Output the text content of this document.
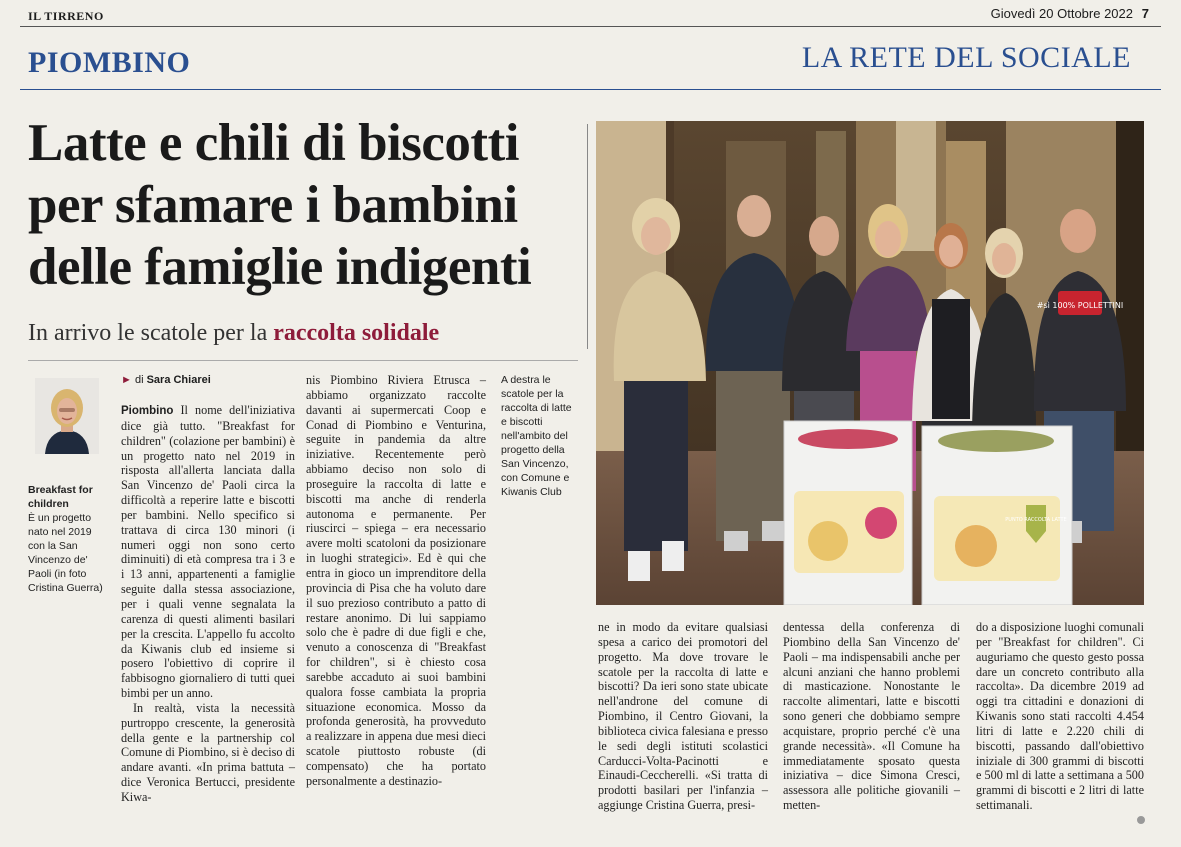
IL TIRRENO	Giovedì 20 Ottobre 2022 7
PIOMBINO	LA RETE DEL SOCIALE
Latte e chili di biscotti
per sfamare i bambini
delle famiglie indigenti
In arrivo le scatole per la raccolta solidale
Breakfast for children
È un progetto nato nel 2019 con la San Vincenzo de' Paoli (in foto Cristina Guerra)
► di Sara Chiarei

Piombino Il nome dell'iniziativa dice già tutto. "Breakfast for children" (colazione per bambini) è un progetto nato nel 2019 in risposta all'allerta lanciata dalla San Vincenzo de' Paoli circa la difficoltà a reperire latte e biscotti per bambini. Nello specifico si trattava di circa 130 minori (i numeri oggi non sono certo diminuiti) di età compresa tra i 3 e i 13 anni, appartenenti a famiglie seguite dalla stessa associazione, per i quali venne segnalata la carenza di questi alimenti basilari per la crescita. L'appello fu accolto da Kiwanis club ed insieme si posero l'obiettivo di coprire il fabbisogno giornaliero di tutti quei bimbi per un anno.

In realtà, vista la necessità purtroppo crescente, la generosità della gente e la partnership col Comune di Piombino, si è deciso di andare avanti. «In prima battuta – dice Veronica Bertucci, presidente Kiwa-

nis Piombino Riviera Etrusca – abbiamo organizzato raccolte davanti ai supermercati Coop e Conad di Piombino e Venturina, seguite in pandemia da altre iniziative. Recentemente però abbiamo deciso non solo di proseguire la raccolta di latte e biscotti ma anche di renderla autonoma e permanente. Per riuscirci – spiega – era necessario avere molti scatoloni da posizionare in luoghi strategici». Ed è qui che entra in gioco un imprenditore della provincia di Pisa che ha voluto dare il suo prezioso contributo a patto di restare anonimo. Di lui sappiamo solo che è padre di due figli e che, venuto a conoscenza di "Breakfast for children", si è chiesto cosa sarebbe accaduto ai suoi bambini qualora fosse cambiata la propria situazione economica. Mosso da profonda generosità, ha provveduto a realizzare in appena due mesi dieci scatole piuttosto robuste (di compensato) che ha portato personalmente a destinazio-

A destra le scatole per la raccolta di latte e biscotti nell'ambito del progetto della San Vincenzo, con Comune e Kiwanis Club
#sì 100% POLLETTINI
PUNTO RACCOLTA LATTE

ne in modo da evitare qualsiasi spesa a carico dei promotori del progetto. Ma dove trovare le scatole per la raccolta di latte e biscotti? Da ieri sono state ubicate nell'androne del comune di Piombino, il Centro Giovani, la biblioteca civica falesiana e presso le sedi degli istituti scolastici Carducci-Volta-Pacinotti e Einaudi-Ceccherelli. «Si tratta di prodotti basilari per l'infanzia – aggiunge Cristina Guerra, presi-

dentessa della conferenza di Piombino della San Vincenzo de' Paoli – ma indispensabili anche per alcuni anziani che hanno problemi di masticazione. Nonostante le raccolte alimentari, latte e biscotti sono generi che dobbiamo sempre acquistare, proprio perché c'è una grande necessità». «Il Comune ha immediatamente sposato questa iniziativa – dice Simona Cresci, assessora alle politiche giovanili – metten-

do a disposizione luoghi comunali per "Breakfast for children". Ci auguriamo che questo gesto possa dare un concreto contributo alla raccolta». Da dicembre 2019 ad oggi tra cittadini e donazioni di Kiwanis sono stati raccolti 4.454 litri di latte e 2.220 chili di biscotti, passando dall'obiettivo iniziale di 300 grammi di biscotti e 500 ml di latte a settimana a 500 grammi di biscotti e 2 litri di latte settimanali.
